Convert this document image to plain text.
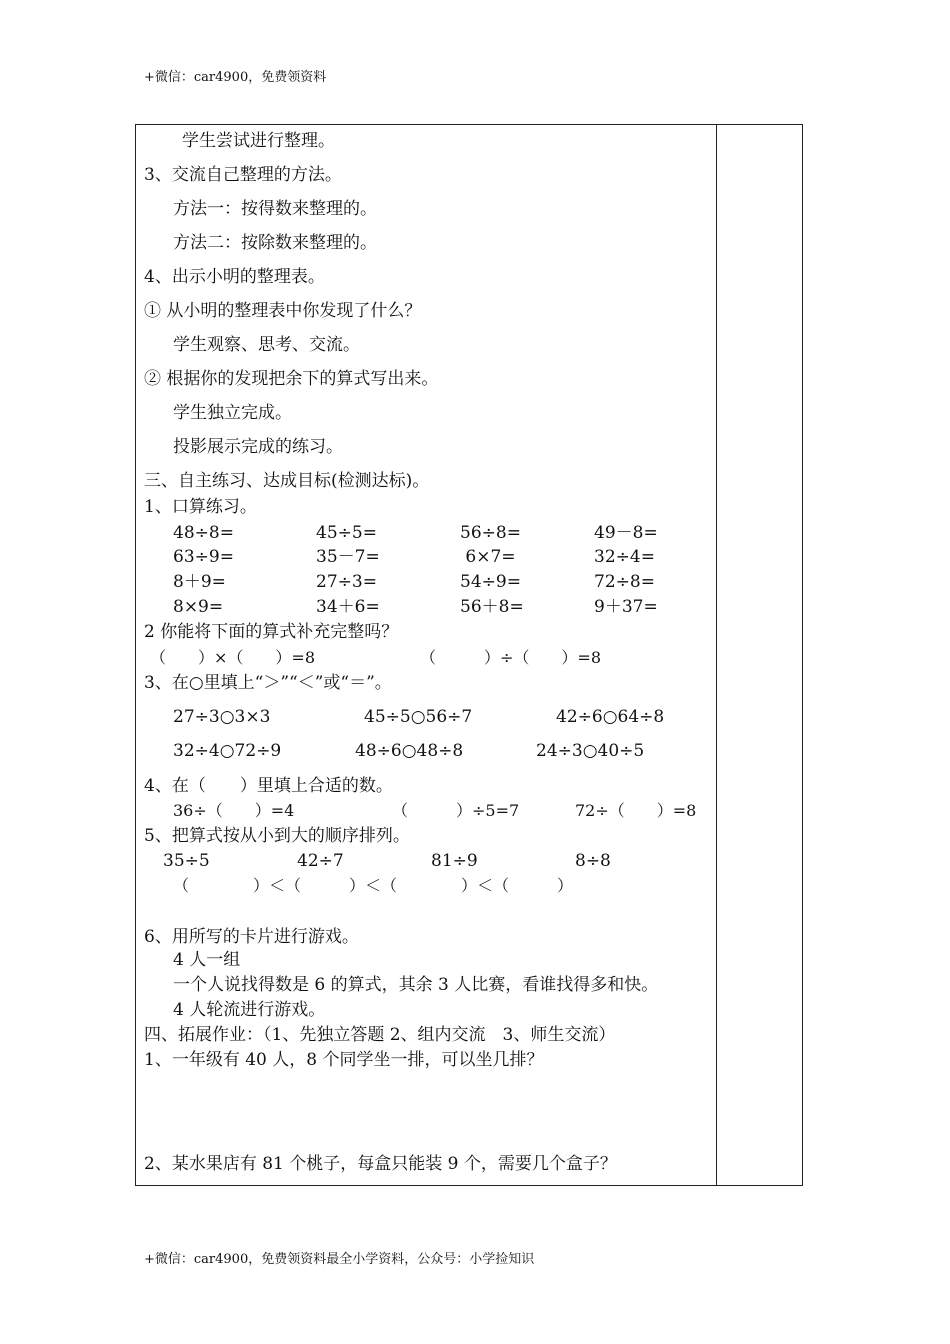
+微信：car4900，免费领资料
学生尝试进行整理。
3、交流自己整理的方法。
方法一：按得数来整理的。
方法二：按除数来整理的。
4、出示小明的整理表。
① 从小明的整理表中你发现了什么？
学生观察、思考、交流。
② 根据你的发现把余下的算式写出来。
学生独立完成。
投影展示完成的练习。
三、自主练习、达成目标(检测达标)。
1、口算练习。
48÷8=	45÷5=	56÷8=	49－8=
63÷9=	35－7=	6×7=	32÷4=
8＋9=	27÷3=	54÷9=	72÷8=
8×9=	34＋6=	56＋8=	9＋37=
2 你能将下面的算式补充完整吗？
（　　）×（　　）=8	（　　　）÷（　　）=8
3、在○里填上“＞”“＜”或“＝”。
27÷3○3×3	45÷5○56÷7	42÷6○64÷8
32÷4○72÷9	48÷6○48÷8	24÷3○40÷5
4、在（　　）里填上合适的数。
36÷（　　）=4	（　　　）÷5=7	72÷（　　）=8
5、把算式按从小到大的顺序排列。
35÷5	42÷7	81÷9	8÷8
（　　　　）＜（　　　）＜（　　　　）＜（　　　）
6、用所写的卡片进行游戏。
4 人一组
一个人说找得数是 6 的算式，其余 3 人比赛，看谁找得多和快。
4 人轮流进行游戏。
四、拓展作业：（1、先独立答题 2、组内交流　3、师生交流）
1、一年级有 40 人，8 个同学坐一排，可以坐几排？
2、某水果店有 81 个桃子，每盒只能装 9 个，需要几个盒子？
+微信：car4900，免费领资料最全小学资料，公众号：小学捡知识
